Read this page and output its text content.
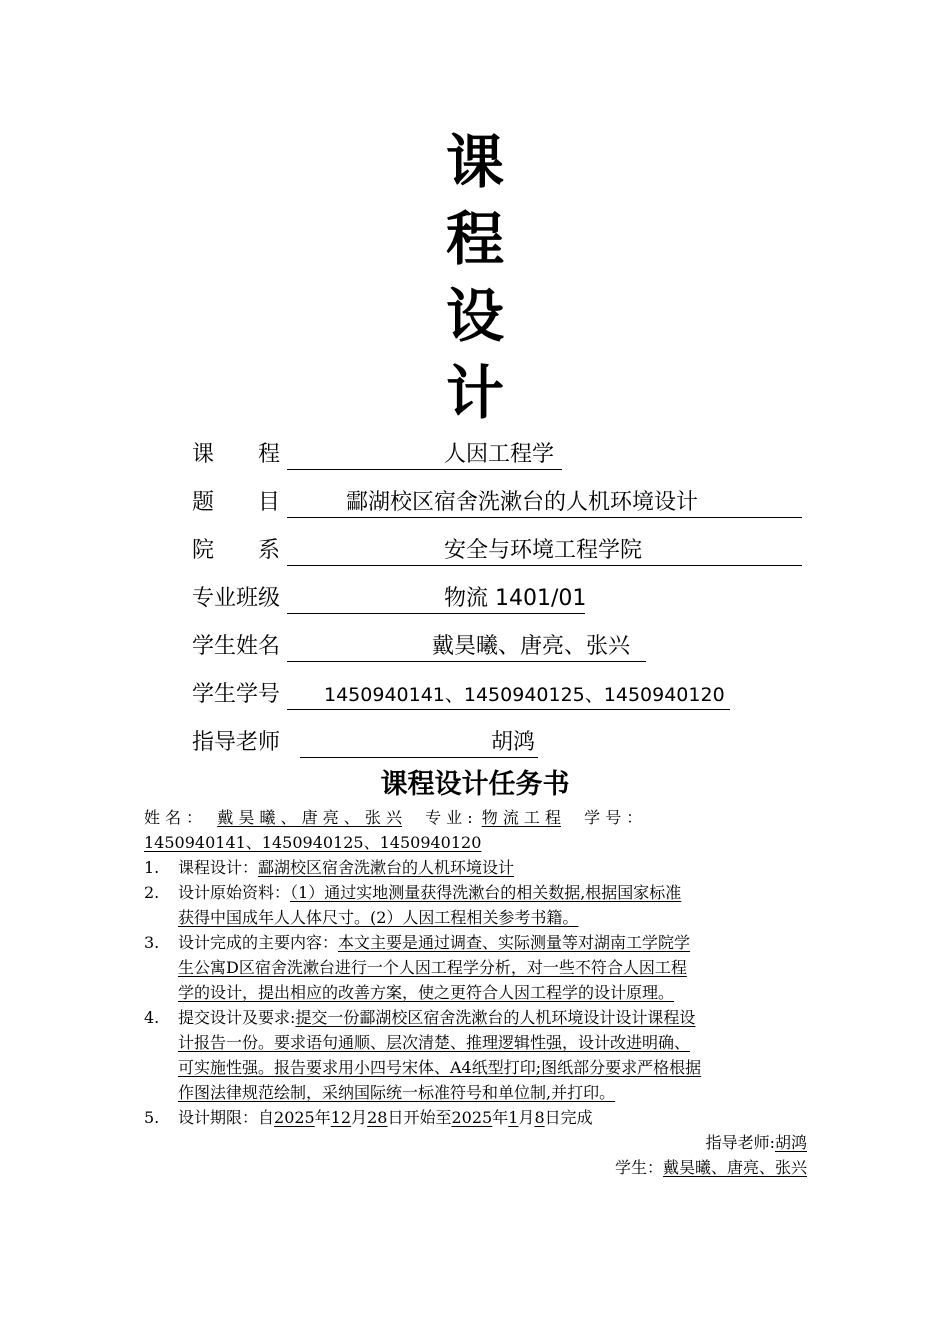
课
程
设
计
课　　程	人因工程学
题　　目	酃湖校区宿舍洗漱台的人机环境设计
院　　系	安全与环境工程学院
专业班级	物流 1401/01
学生姓名	戴昊曦、唐亮、张兴
学生学号 1450940141、1450940125、1450940120
指导老师	胡鸿
课程设计任务书
姓 名 ： 戴 昊 曦 、 唐 亮 、 张 兴 专 业 : 物 流 工 程 学 号 ：
1450940141、1450940125、1450940120
1. 课程设计：酃湖校区宿舍洗漱台的人机环境设计
2. 设计原始资料：（1）通过实地测量获得洗漱台的相关数据,根据国家标准
获得中国成年人人体尺寸。(2）人因工程相关参考书籍。
3. 设计完成的主要内容：本文主要是通过调查、实际测量等对湖南工学院学
生公寓D区宿舍洗漱台进行一个人因工程学分析，对一些不符合人因工程
学的设计，提出相应的改善方案，使之更符合人因工程学的设计原理。
4. 提交设计及要求:提交一份酃湖校区宿舍洗漱台的人机环境设计设计课程设
计报告一份。要求语句通顺、层次清楚、推理逻辑性强，设计改进明确、
可实施性强。报告要求用小四号宋体、A4纸型打印;图纸部分要求严格根据
作图法律规范绘制，采纳国际统一标准符号和单位制,并打印。
5. 设计期限：自2025年12月28日开始至2025年1月8日完成
指导老师:胡鸿
学生：戴昊曦、唐亮、张兴
